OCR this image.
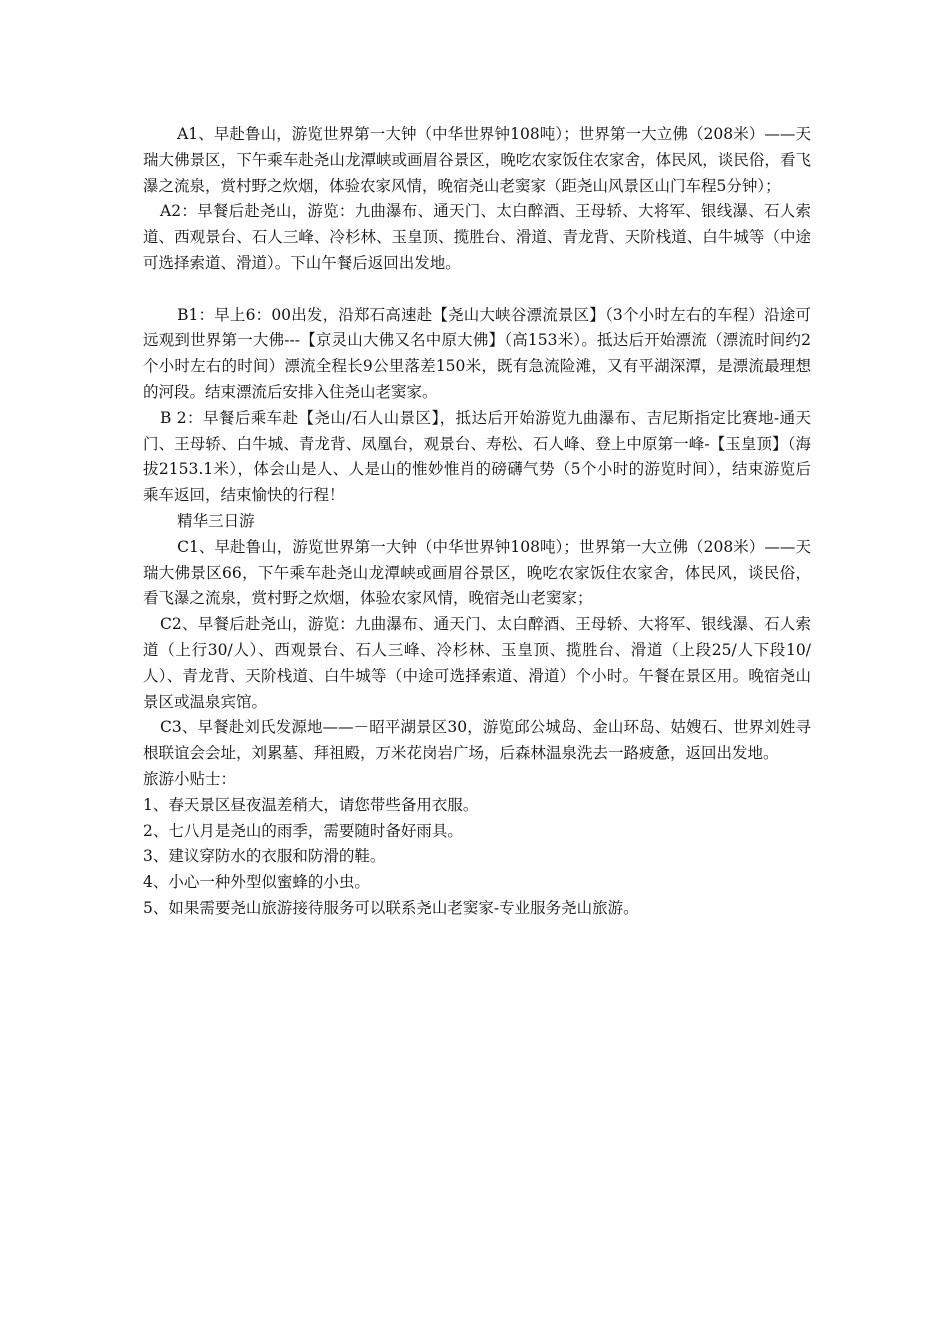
A1、早赴鲁山，游览世界第一大钟（中华世界钟108吨）；世界第一大立佛（208米）——天瑞大佛景区，下午乘车赴尧山龙潭峡或画眉谷景区，晚吃农家饭住农家舍，体民风，谈民俗，看飞瀑之流泉，赏村野之炊烟，体验农家风情，晚宿尧山老窦家（距尧山风景区山门车程5分钟）；

A2：早餐后赴尧山，游览：九曲瀑布、通天门、太白醉酒、王母轿、大将军、银线瀑、石人索道、西观景台、石人三峰、冷杉林、玉皇顶、揽胜台、滑道、青龙背、天阶栈道、白牛城等（中途可选择索道、滑道）。下山午餐后返回出发地。

B1：早上6：00出发，沿郑石高速赴【尧山大峡谷漂流景区】（3个小时左右的车程）沿途可远观到世界第一大佛---【京灵山大佛又名中原大佛】（高153米）。抵达后开始漂流（漂流时间约2个小时左右的时间）漂流全程长9公里落差150米，既有急流险滩，又有平湖深潭，是漂流最理想的河段。结束漂流后安排入住尧山老窦家。

B 2：早餐后乘车赴【尧山/石人山景区】，抵达后开始游览九曲瀑布、吉尼斯指定比赛地-通天门、王母轿、白牛城、青龙背、凤凰台，观景台、寿松、石人峰、登上中原第一峰-【玉皇顶】（海拔2153.1米），体会山是人、人是山的惟妙惟肖的磅礴气势（5个小时的游览时间），结束游览后乘车返回，结束愉快的行程！

精华三日游

C1、早赴鲁山，游览世界第一大钟（中华世界钟108吨）；世界第一大立佛（208米）——天瑞大佛景区66，下午乘车赴尧山龙潭峡或画眉谷景区，晚吃农家饭住农家舍，体民风，谈民俗，看飞瀑之流泉，赏村野之炊烟，体验农家风情，晚宿尧山老窦家；

C2、早餐后赴尧山，游览：九曲瀑布、通天门、太白醉酒、王母轿、大将军、银线瀑、石人索道（上行30/人）、西观景台、石人三峰、冷杉林、玉皇顶、揽胜台、滑道（上段25/人下段10/人）、青龙背、天阶栈道、白牛城等（中途可选择索道、滑道）个小时。午餐在景区用。晚宿尧山景区或温泉宾馆。

C3、早餐赴刘氏发源地——－昭平湖景区30，游览邱公城岛、金山环岛、姑嫂石、世界刘姓寻根联谊会会址，刘累墓、拜祖殿，万米花岗岩广场，后森林温泉洗去一路疲惫，返回出发地。

旅游小贴士：

1、春天景区昼夜温差稍大，请您带些备用衣服。

2、七八月是尧山的雨季，需要随时备好雨具。

3、建议穿防水的衣服和防滑的鞋。

4、小心一种外型似蜜蜂的小虫。

5、如果需要尧山旅游接待服务可以联系尧山老窦家-专业服务尧山旅游。
